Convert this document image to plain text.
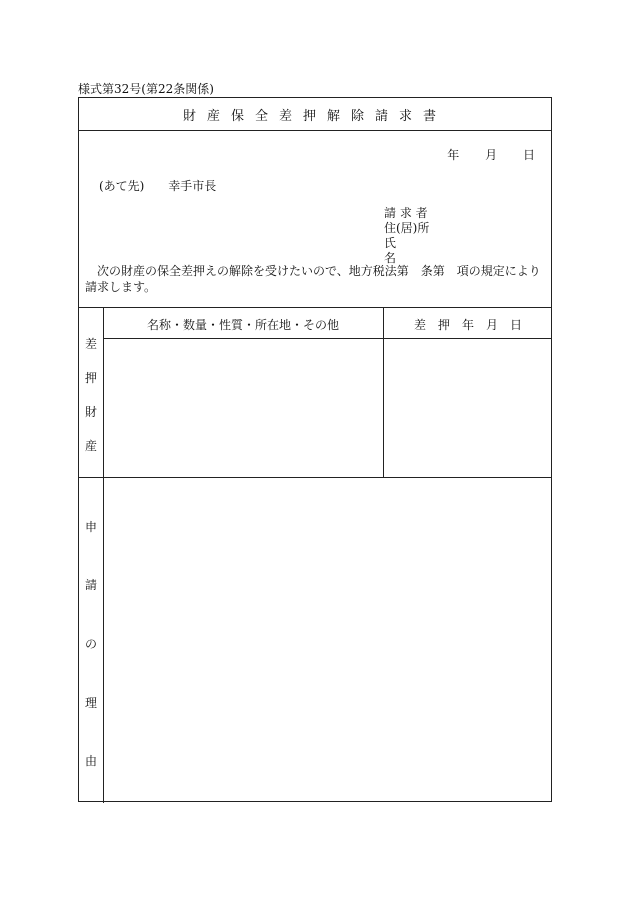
様式第32号(第22条関係)
財産保全差押解除請求書
年 月 日
(あて先) 幸手市長
請 求 者
住(居)所
氏　　名
次の財産の保全差押えの解除を受けたいので、地方税法第　条第　項の規定により請求します。
名称・数量・性質・所在地・その他	差　押　年　月　日
差
押
財
産
申
請
の
理
由
